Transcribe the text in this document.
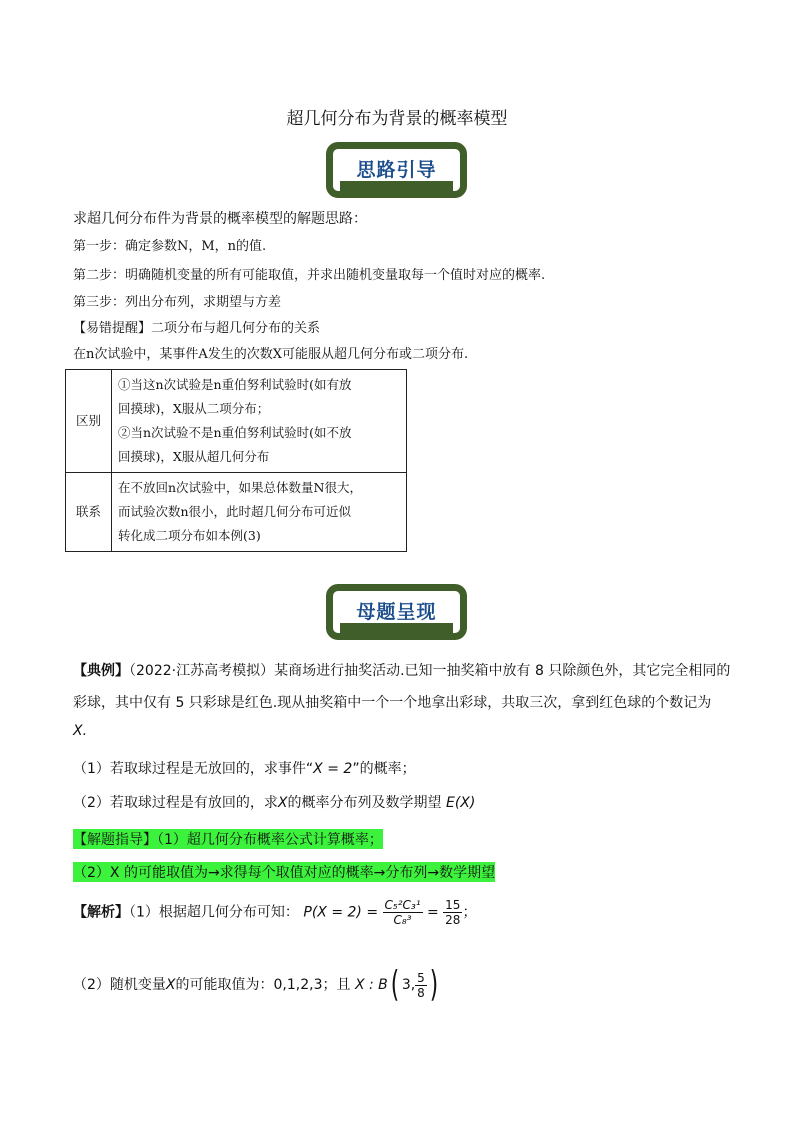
超几何分布为背景的概率模型
思路引导
求超几何分布件为背景的概率模型的解题思路：
第一步：确定参数N，M，n的值.
第二步：明确随机变量的所有可能取值，并求出随机变量取每一个值时对应的概率.
第三步：列出分布列，求期望与方差
【易错提醒】二项分布与超几何分布的关系
在n次试验中，某事件A发生的次数X可能服从超几何分布或二项分布.
区别	①当这n次试验是n重伯努利试验时(如有放
回摸球)，X服从二项分布；
②当n次试验不是n重伯努利试验时(如不放
回摸球)，X服从超几何分布

联系	在不放回n次试验中，如果总体数量N很大，
而试验次数n很小，此时超几何分布可近似
转化成二项分布如本例(3)
母题呈现
【典例】（2022·江苏高考模拟）某商场进行抽奖活动.已知一抽奖箱中放有 8 只除颜色外，其它完全相同的
彩球，其中仅有 5 只彩球是红色.现从抽奖箱中一个一个地拿出彩球，共取三次，拿到红色球的个数记为
X.
（1）若取球过程是无放回的，求事件“X = 2”的概率；
（2）若取球过程是有放回的，求X的概率分布列及数学期望 E(X)
【解题指导】（1）超几何分布概率公式计算概率；
（2）X 的可能取值为→求得每个取值对应的概率→分布列→数学期望
【解析】（1）根据超几何分布可知： $P(X = 2) = \frac{\text{C₅²C₃¹}}{\text{C₈³}} = \frac{15}{28}$ ；
（2）随机变量X的可能取值为：0,1,2,3；且 X : B( 3, $\frac{5}{8}$ )
